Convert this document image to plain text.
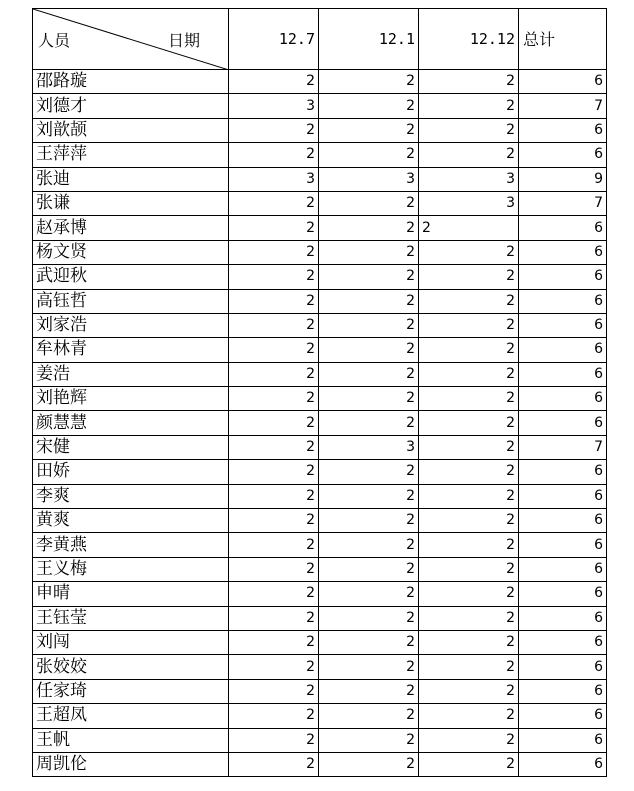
人员 日期	12.7	12.1	12.12	总计
邵路璇	2	2	2	6
刘德才	3	2	2	7
刘歆颉	2	2	2	6
王萍萍	2	2	2	6
张迪	3	3	3	9
张谦	2	2	3	7
赵承博	2	2	2	6
杨文贤	2	2	2	6
武迎秋	2	2	2	6
高钰哲	2	2	2	6
刘家浩	2	2	2	6
牟林青	2	2	2	6
姜浩	2	2	2	6
刘艳辉	2	2	2	6
颜慧慧	2	2	2	6
宋健	2	3	2	7
田娇	2	2	2	6
李爽	2	2	2	6
黄爽	2	2	2	6
李黄燕	2	2	2	6
王义梅	2	2	2	6
申晴	2	2	2	6
王钰莹	2	2	2	6
刘闯	2	2	2	6
张姣姣	2	2	2	6
任家琦	2	2	2	6
王超凤	2	2	2	6
王帆	2	2	2	6
周凯伦	2	2	2	6
